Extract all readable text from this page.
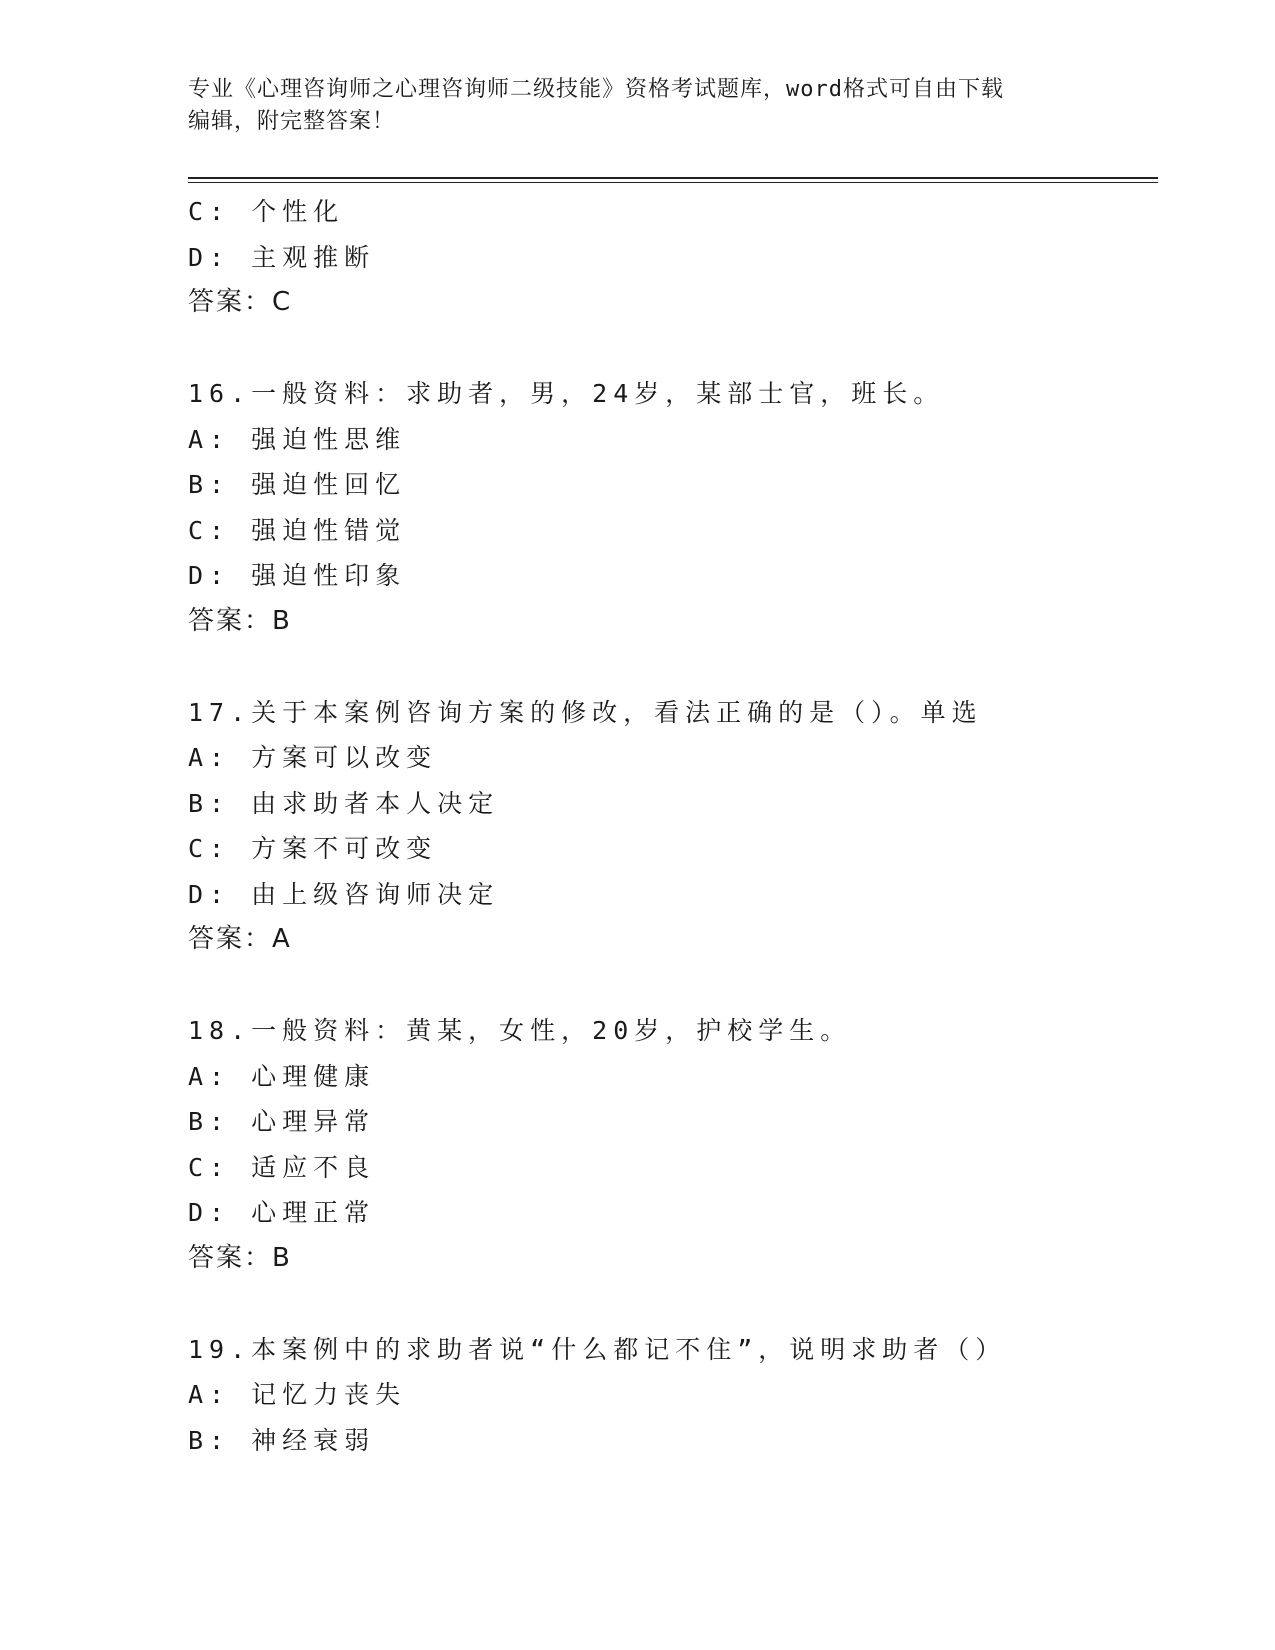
专业《心理咨询师之心理咨询师二级技能》资格考试题库，word格式可自由下载
编辑，附完整答案！
C: 个性化
D: 主观推断
答案：C
16.一般资料：求助者，男，24岁，某部士官，班长。
A: 强迫性思维
B: 强迫性回忆
C: 强迫性错觉
D: 强迫性印象
答案：B
17.关于本案例咨询方案的修改，看法正确的是（）。单选
A: 方案可以改变
B: 由求助者本人决定
C: 方案不可改变
D: 由上级咨询师决定
答案：A
18.一般资料：黄某，女性，20岁，护校学生。
A: 心理健康
B: 心理异常
C: 适应不良
D: 心理正常
答案：B
19.本案例中的求助者说“什么都记不住”，说明求助者（）
A: 记忆力丧失
B: 神经衰弱
